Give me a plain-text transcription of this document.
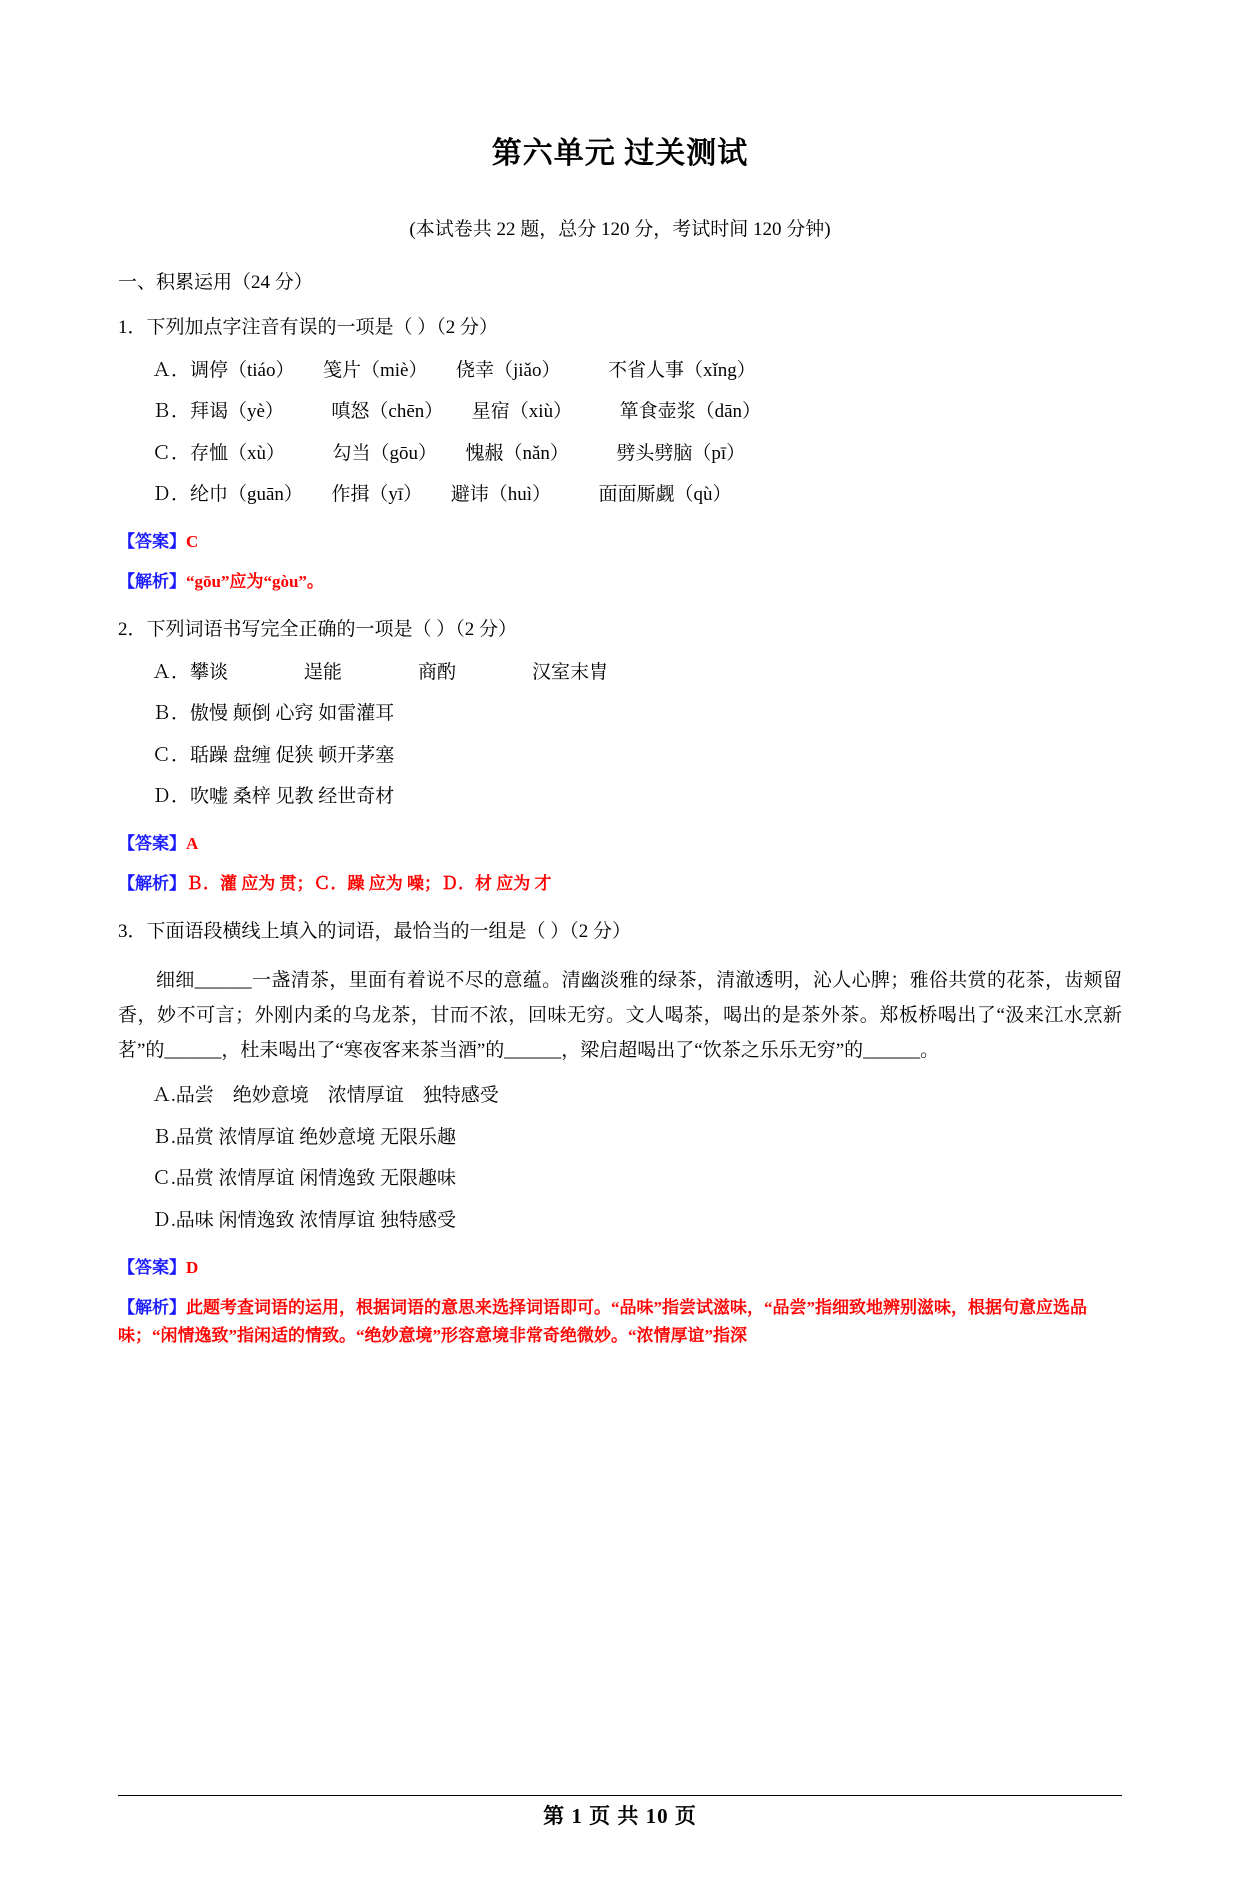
第六单元 过关测试
(本试卷共 22 题，总分 120 分，考试时间 120 分钟)
一、积累运用（24 分）
1．下列加点字注音有误的一项是（ ）（2 分）
Ａ．调停（tiáo）　　笺片（miè）　　侥幸（jiǎo）　　　不省人事（xǐng）
Ｂ．拜谒（yè）　　　嗔怒（chēn）　　星宿（xiù）　　　箪食壶浆（dān）
Ｃ．存恤（xù）　　　勾当（gōu）　　愧赧（nǎn）　　　劈头劈脑（pī）
Ｄ．纶巾（guān）　　作揖（yī）　　避讳（huì）　　　面面厮觑（qù）
【答案】C
【解析】“gōu”应为“gòu”。
2．下列词语书写完全正确的一项是（ ）（2 分）
Ａ．攀谈　　　　逞能　　　　商酌　　　　汉室末胄
Ｂ．傲慢 颠倒 心窍 如雷灌耳
Ｃ．聒躁 盘缠 促狭 顿开茅塞
Ｄ．吹嘘 桑梓 见教 经世奇材
【答案】A
【解析】Ｂ．灌 应为 贯；Ｃ．躁 应为 噪；Ｄ．材 应为 才
3．下面语段横线上填入的词语，最恰当的一组是（ ）（2 分）
细细______一盏清茶，里面有着说不尽的意蕴。清幽淡雅的绿茶，清澈透明，沁人心脾；雅俗共赏的花茶，齿颊留香，妙不可言；外刚内柔的乌龙茶，甘而不浓，回味无穷。文人喝茶，喝出的是茶外茶。郑板桥喝出了“汲来江水烹新茗”的______，杜耒喝出了“寒夜客来茶当酒”的______，梁启超喝出了“饮茶之乐乐无穷”的______。
Ａ.品尝　绝妙意境　浓情厚谊　独特感受
Ｂ.品赏 浓情厚谊 绝妙意境 无限乐趣
Ｃ.品赏 浓情厚谊 闲情逸致 无限趣味
Ｄ.品味 闲情逸致 浓情厚谊 独特感受
【答案】D
【解析】此题考查词语的运用，根据词语的意思来选择词语即可。“品味”指尝试滋味，“品尝”指细致地辨别滋味，根据句意应选品味；“闲情逸致”指闲适的情致。“绝妙意境”形容意境非常奇绝微妙。“浓情厚谊”指深
第 1 页 共 10 页
